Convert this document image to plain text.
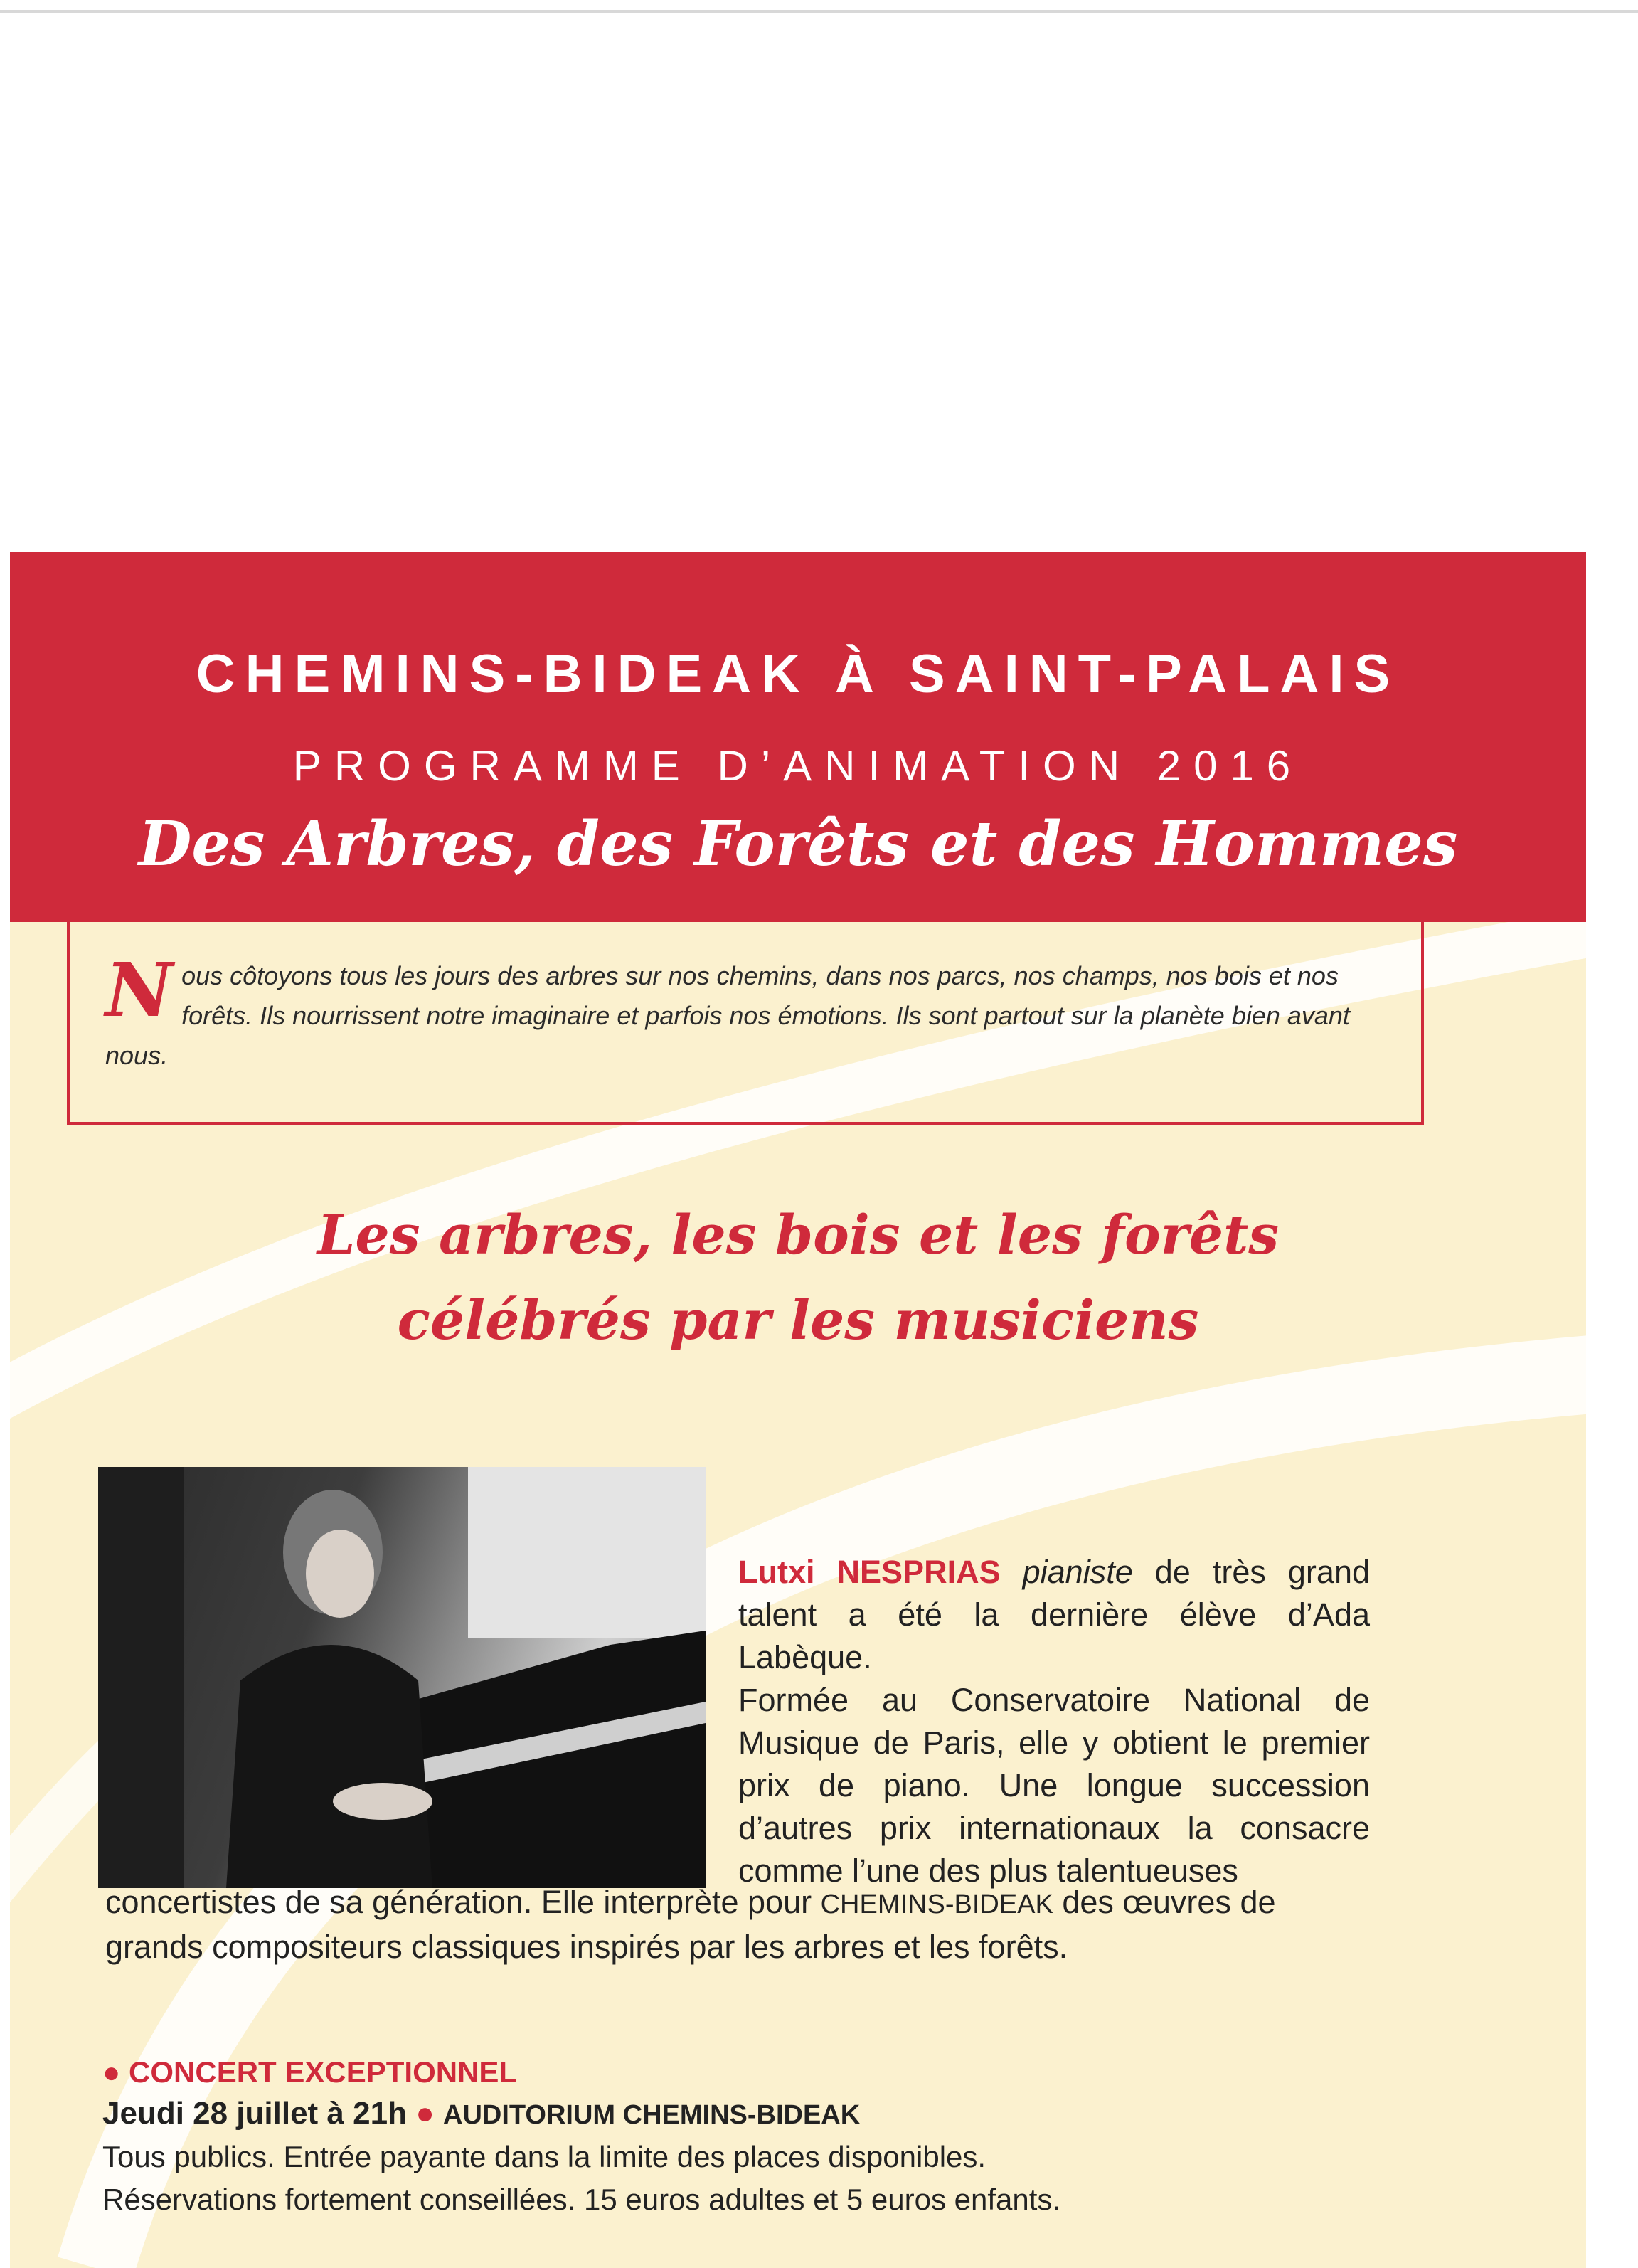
CHEMINS-BIDEAK À SAINT-PALAIS
PROGRAMME D’ANIMATION 2016
Des Arbres, des Forêts et des Hommes
Nous côtoyons tous les jours des arbres sur nos chemins, dans nos parcs, nos champs, nos bois et nos forêts. Ils nourrissent notre imaginaire et parfois nos émotions. Ils sont partout sur la planète bien avant nous.
Les arbres, les bois et les forêts
célébrés par les musiciens

Lutxi NESPRIAS pianiste de très grand talent a été la dernière élève d’Ada Labèque.

Formée au Conservatoire National de Musique de Paris, elle y obtient le premier prix de piano. Une longue succession d’autres prix internationaux la consacre comme l’une des plus talentueuses

concertistes de sa génération. Elle interprète pour CHEMINS-BIDEAK des œuvres de grands compositeurs classiques inspirés par les arbres et les forêts.

● CONCERT EXCEPTIONNEL
Jeudi 28 juillet à 21h ● AUDITORIUM CHEMINS-BIDEAK
Tous publics. Entrée payante dans la limite des places disponibles.
Réservations fortement conseillées. 15 euros adultes et 5 euros enfants.
